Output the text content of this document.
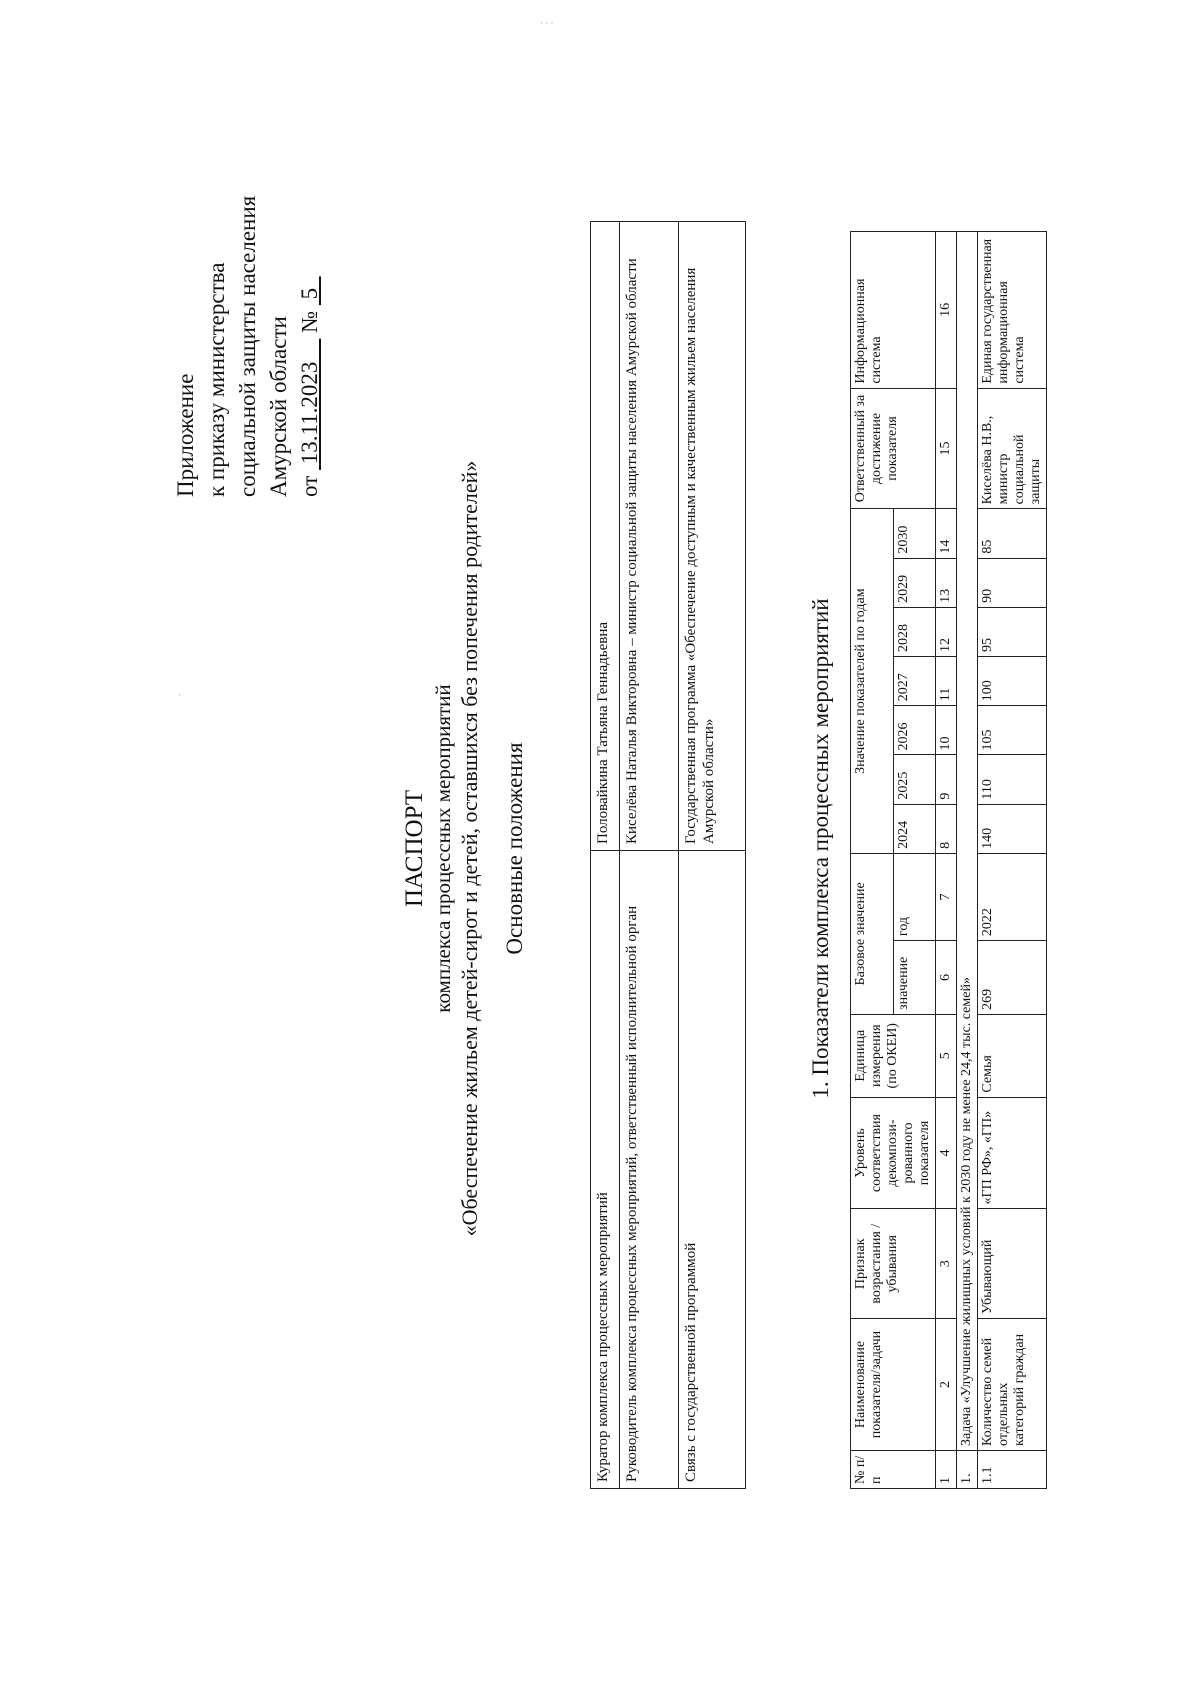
· · ·
·
Приложение к приказу министерства социальной защиты населения Амурской области от  13.11.2023     №  5
ПАСПОРТ комплекса процессных мероприятий «Обеспечение жильем детей-сирот и детей, оставшихся без попечения родителей» Основные положения
Куратор комплекса процессных мероприятий	Половайкина Татьяна Геннадьевна
Руководитель комплекса процессных мероприятий, ответственный исполнительной орган	Киселёва Наталья Викторовна – министр социальной защиты населения Амурской области
Связь с государственной программой	Государственная программа «Обеспечение доступным и качественным жильем населения Амурской области»	1. Показатели комплекса процессных мероприятий
№ п/ п	Наименование показателя/задачи	Признак возрастания / убывания	Уровень соответствия декомпози-рованного показателя	Единица измерения (по ОКЕИ)	Базовое значение		Значение показателей по годам							Ответственный за достижение показателя	Информационная система
					значение	год	2024	2025	2026	2027	2028	2029	2030		
1	2	3	4	5	6	7	8	9	10	11	12	13	14	15	16
1.	Задача «Улучшение жилищных условий к 2030 году не менее 24,4 тыс. семей»														
1.1	Количество семей отдельных категорий граждан	Убывающий	«ГП РФ», «ГП»	Семья	269	2022	140	110	105	100	95	90	85	Киселёва Н.В., министр социальной защиты	Единая государственная информационная система
